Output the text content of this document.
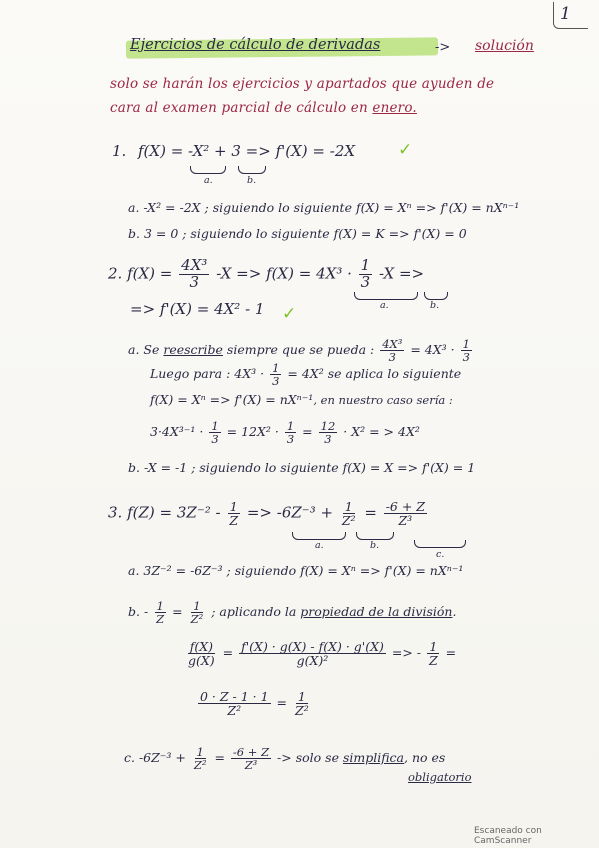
1
Ejercicios de cálculo de derivadas	-> solución
solo se harán los ejercicios y apartados que ayuden de
cara al examen parcial de cálculo en enero.
1. f(X) = -X² + 3 => f'(X) = -2X	✓
a.	b.
a. -X² = -2X ; siguiendo lo siguiente f(X) = Xⁿ => f'(X) = nXⁿ⁻¹
b. 3 = 0 ; siguiendo lo siguiente f(X) = K => f'(X) = 0
2. $f(X) = \frac{\text{4X³}}{3} -X => f(X) = 4X^3 \cdot \frac{1}{3} -X$ =>
a.	b.
=> f'(X) = 4X² - 1 ✓
a. Se reescribe siempre que se pueda : $\frac{\text{4X³}}{3} = 4X^3 \cdot \frac{1}{3}$
Luego para : $4X^3 \cdot \frac{1}{3} = 4X^2$ se aplica lo siguiente
f(X) = Xⁿ => f'(X) = nXⁿ⁻¹, en nuestro caso sería :
$3\cdot 4X^{3-1} \cdot \frac{1}{3} = 12X^2 \cdot \frac{1}{3} = \frac{12}{3} \cdot X^2$ = > 4X²
b. -X = -1 ; siguiendo lo siguiente f(X) = X => f'(X) = 1
3. $f(Z) = 3Z^{-2} - \frac{1}{Z} => -6Z^{-3} + \frac{1}{\text{Z²}} = \frac{-6 + Z}{\text{Z³}}$
a.	b.
c.
a. 3Z⁻² = -6Z⁻³ ; siguiendo f(X) = Xⁿ => f'(X) = nXⁿ⁻¹
b. - $\frac{1}{Z} = \frac{1}{\text{Z²}}$ ; aplicando la propiedad de la división.
$\frac{f(X)}{g(X)} = \frac{f'(X) \cdot g(X) - f(X) \cdot g'(X)}{\text{g(X)²}}$ => - $\frac{1}{Z}$ =
$\frac{0 \cdot Z - 1 \cdot 1}{\text{Z²}} = \frac{1}{\text{Z²}}$
c. $-6Z^{-3} + \frac{1}{\text{Z²}} = \frac{-6 + Z}{\text{Z³}}$ -> solo se simplifica, no es
obligatorio
Escaneado con CamScanner
